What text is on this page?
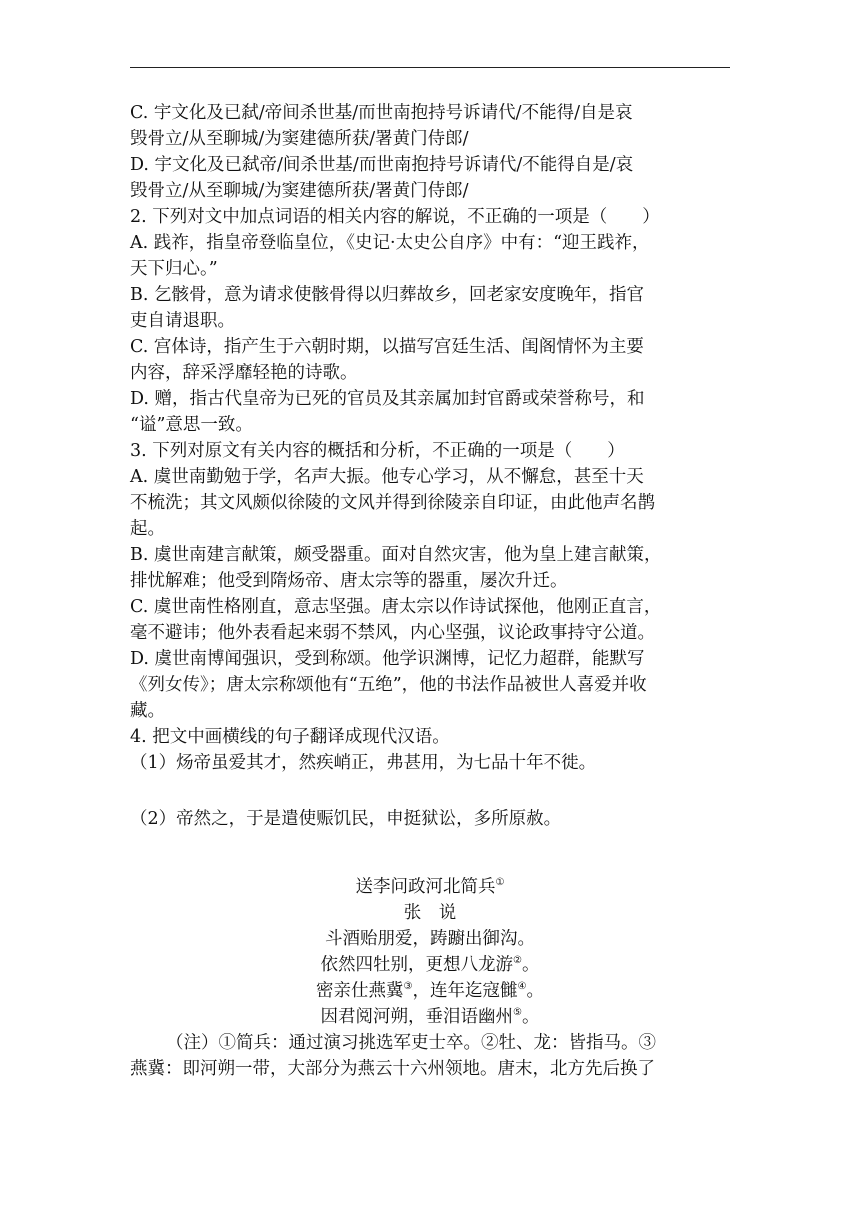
C. 宇文化及已弑/帝间杀世基/而世南抱持号诉请代/不能得/自是哀
毁骨立/从至聊城/为窦建德所获/署黄门侍郎/
D. 宇文化及已弑帝/间杀世基/而世南抱持号诉请代/不能得自是/哀
毁骨立/从至聊城/为窦建德所获/署黄门侍郎/
2. 下列对文中加点词语的相关内容的解说，不正确的一项是（　　）
A. 践祚，指皇帝登临皇位，《史记·太史公自序》中有：“迎王践祚，
天下归心。”
B. 乞骸骨，意为请求使骸骨得以归葬故乡，回老家安度晚年，指官
吏自请退职。
C. 宫体诗，指产生于六朝时期，以描写宫廷生活、闺阁情怀为主要
内容，辞采浮靡轻艳的诗歌。
D. 赠，指古代皇帝为已死的官员及其亲属加封官爵或荣誉称号，和
“谥”意思一致。
3. 下列对原文有关内容的概括和分析，不正确的一项是（　　）
A. 虞世南勤勉于学，名声大振。他专心学习，从不懈怠，甚至十天
不梳洗；其文风颇似徐陵的文风并得到徐陵亲自印证，由此他声名鹊
起。
B. 虞世南建言献策，颇受器重。面对自然灾害，他为皇上建言献策，
排忧解难；他受到隋炀帝、唐太宗等的器重，屡次升迁。
C. 虞世南性格刚直，意志坚强。唐太宗以作诗试探他，他刚正直言，
毫不避讳；他外表看起来弱不禁风，内心坚强，议论政事持守公道。
D. 虞世南博闻强识，受到称颂。他学识渊博，记忆力超群，能默写
《列女传》；唐太宗称颂他有“五绝”，他的书法作品被世人喜爱并收
藏。
4. 把文中画横线的句子翻译成现代汉语。
（1）炀帝虽爱其才，然疾峭正，弗甚用，为七品十年不徙。
（2）帝然之，于是遣使赈饥民，申挺狱讼，多所原赦。
送李问政河北简兵①
张　说
斗酒贻朋爱，踌躕出御沟。
依然四牡别，更想八龙游②。
密亲仕燕冀③，连年迄寇雠④。
因君阅河朔，垂泪语幽州⑤。
（注）①简兵：通过演习挑选军吏士卒。②牡、龙：皆指马。③
燕冀：即河朔一带，大部分为燕云十六州领地。唐末，北方先后换了
